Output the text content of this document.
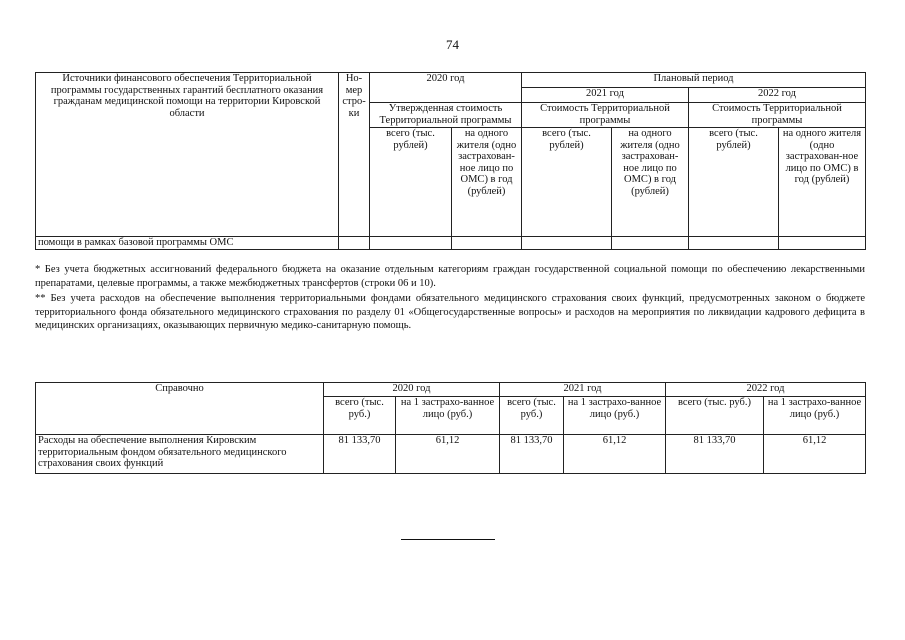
74
Источники финансового обеспечения Территориальной программы государственных гарантий бесплатного оказания гражданам медицинской помощи на территории Кировской области	Но-мер стро-ки	2020 год		Плановый период			
				2021 год		2022 год	
		Утвержденная стоимость Территориальной программы		Стоимость Территориальной программы		Стоимость Территориальной программы	
		всего (тыс. рублей)	на одного жителя (одно застрахован-ное лицо по ОМС) в год (рублей)	всего (тыс. рублей)	на одного жителя (одно застрахован-ное лицо по ОМС) в год (рублей)	всего (тыс. рублей)	на одного жителя (одно застрахован-ное лицо по ОМС) в год (рублей)
помощи в рамках базовой программы ОМС							

* Без учета бюджетных ассигнований федерального бюджета на оказание отдельным категориям граждан государственной социальной помощи по обеспечению лекарственными препаратами, целевые программы, а также межбюджетных трансфертов (строки 06 и 10).

** Без учета расходов на обеспечение выполнения территориальными фондами обязательного медицинского страхования своих функций, предусмотренных законом о бюджете территориального фонда обязательного медицинского страхования по разделу 01 «Общегосударственные вопросы» и расходов на мероприятия по ликвидации кадрового дефицита в медицинских организациях, оказывающих первичную медико-санитарную помощь.

Справочно	2020 год		2021 год		2022 год	
	всего (тыс. руб.)	на 1 застрахо-ванное лицо (руб.)	всего (тыс. руб.)	на 1 застрахо-ванное лицо (руб.)	всего (тыс. руб.)	на 1 застрахо-ванное лицо (руб.)
Расходы на обеспечение выполнения Кировским территориальным фондом обязательного медицинского страхования своих функций	81 133,70	61,12	81 133,70	61,12	81 133,70	61,12
